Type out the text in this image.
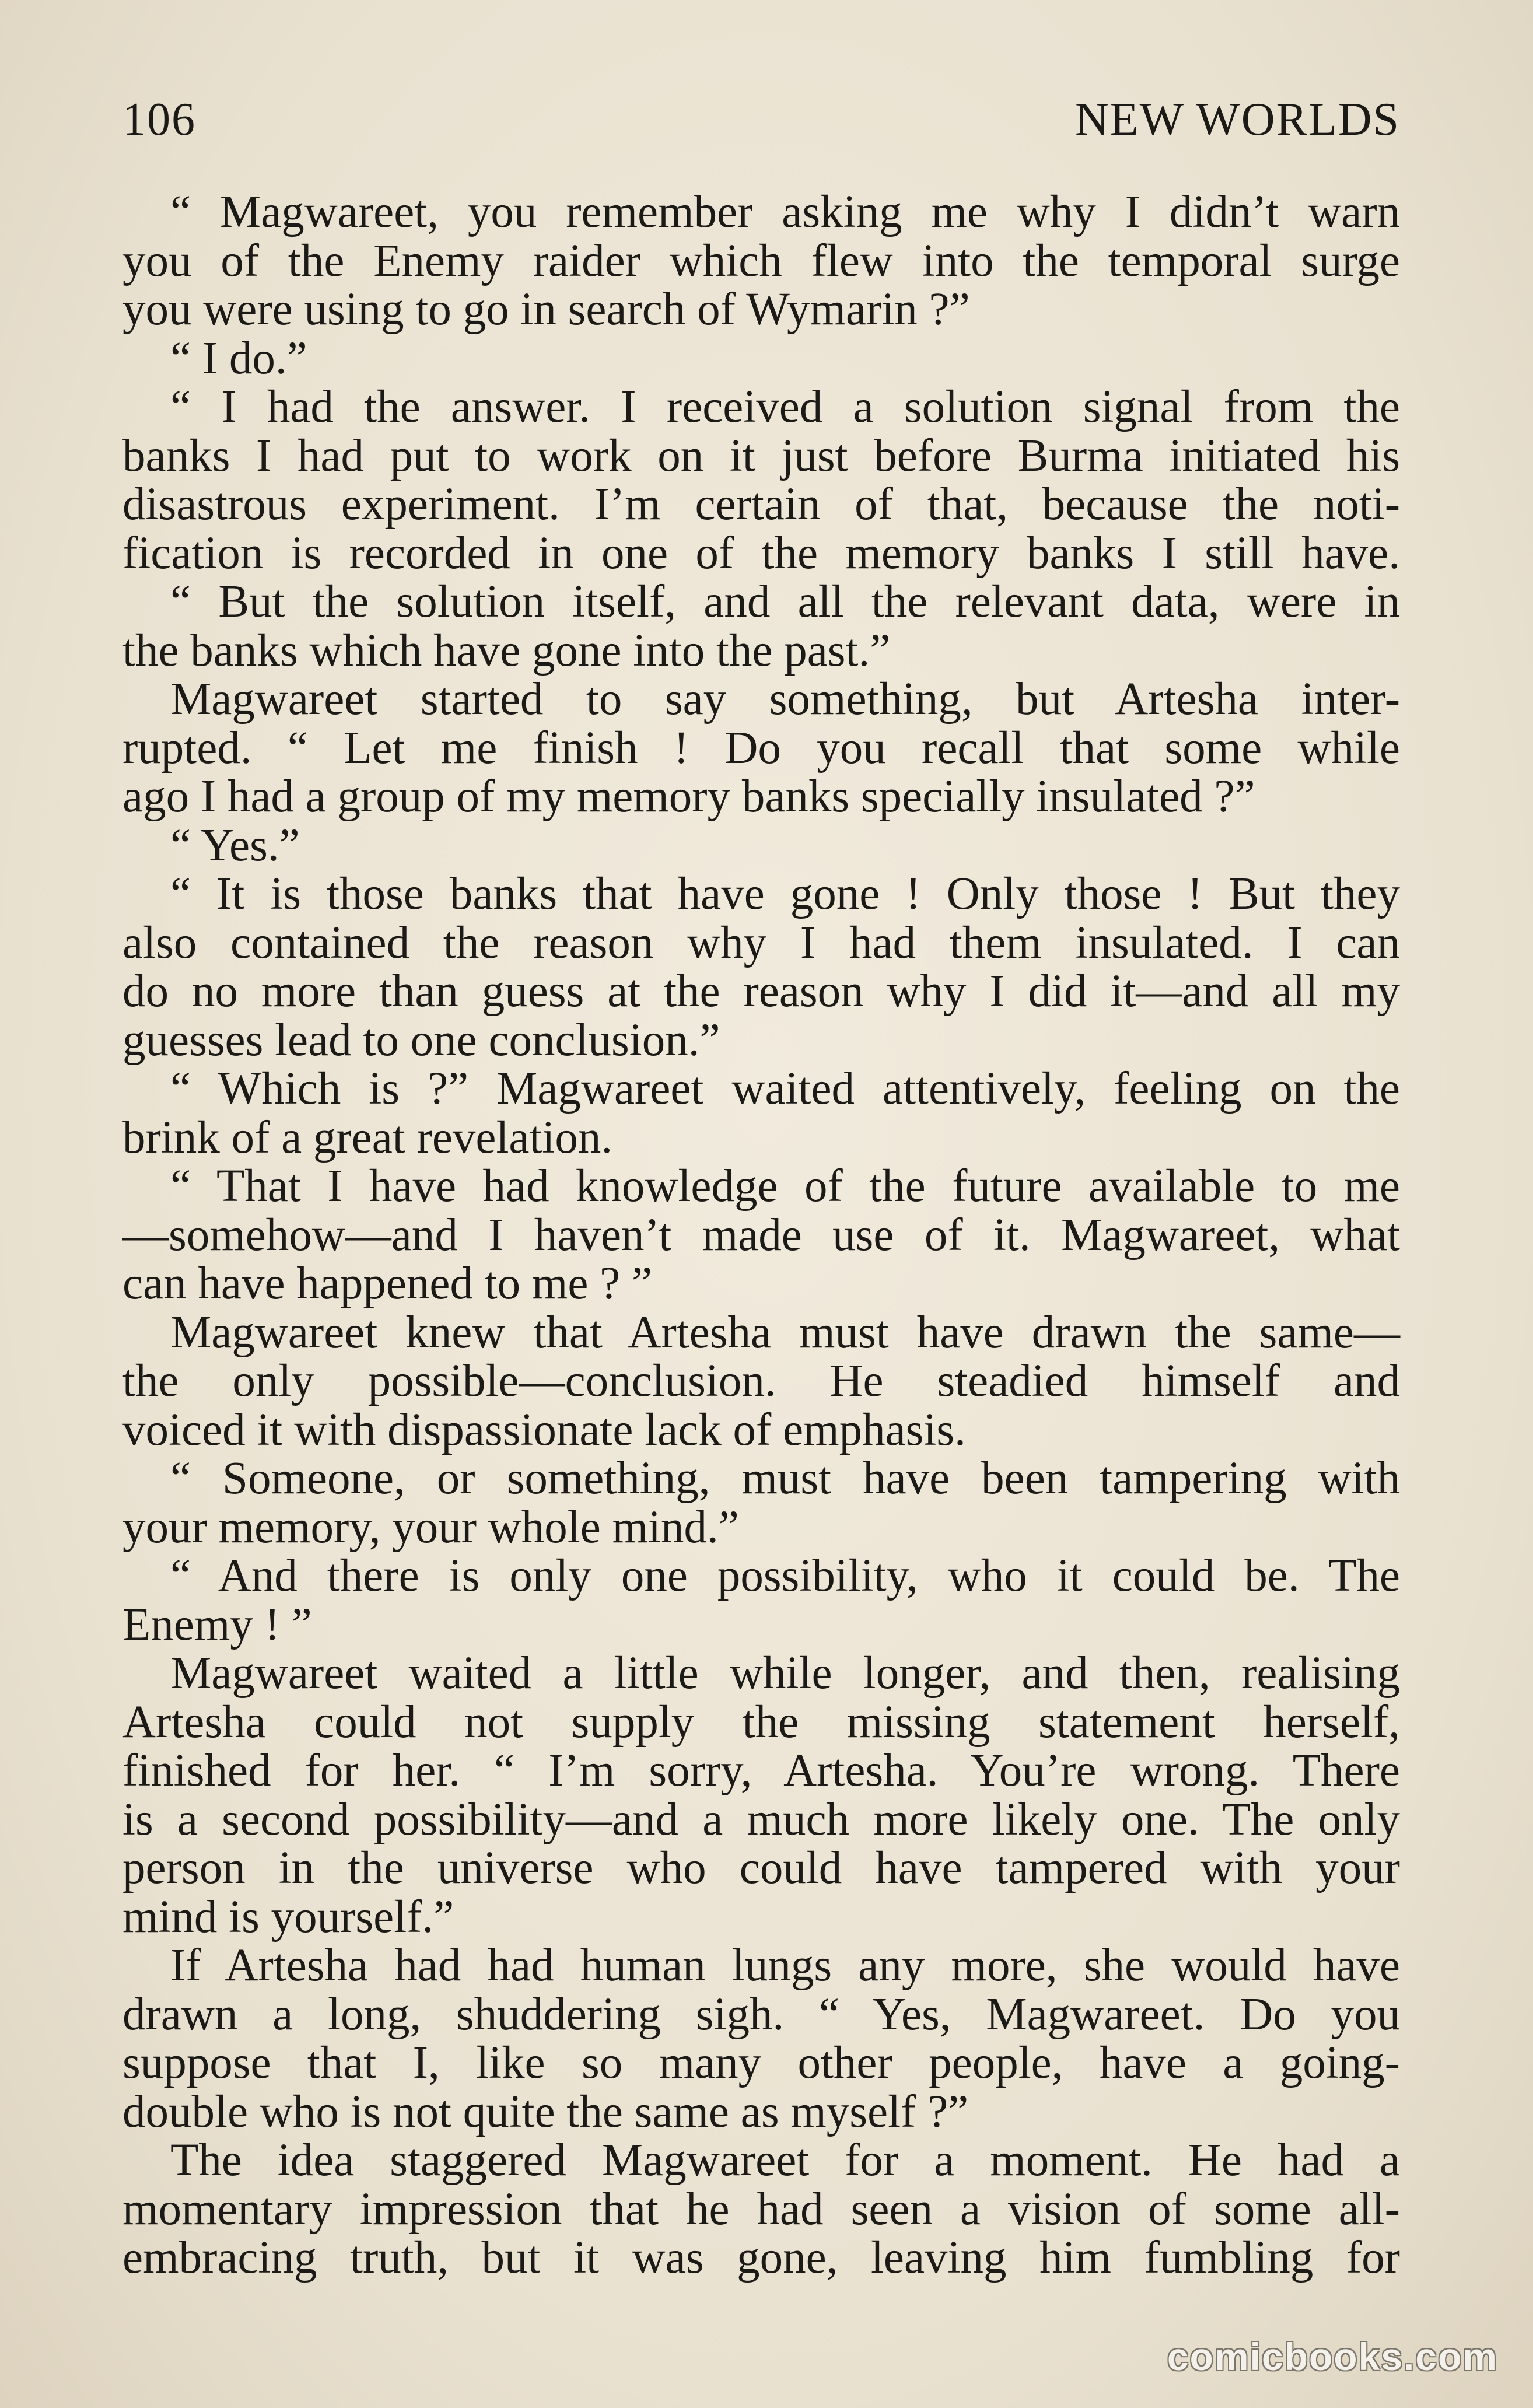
106	NEW WORLDS
“ Magwareet, you remember asking me why I didn’t warn
you of the Enemy raider which flew into the temporal surge
you were using to go in search of Wymarin ?”
“ I do.”
“ I had the answer. I received a solution signal from the
banks I had put to work on it just before Burma initiated his
disastrous experiment. I’m certain of that, because the noti-
fication is recorded in one of the memory banks I still have.
“ But the solution itself, and all the relevant data, were in
the banks which have gone into the past.”
Magwareet started to say something, but Artesha inter-
rupted. “ Let me finish ! Do you recall that some while
ago I had a group of my memory banks specially insulated ?”
“ Yes.”
“ It is those banks that have gone ! Only those ! But they
also contained the reason why I had them insulated. I can
do no more than guess at the reason why I did it—and all my
guesses lead to one conclusion.”
“ Which is ?” Magwareet waited attentively, feeling on the
brink of a great revelation.
“ That I have had knowledge of the future available to me
—somehow—and I haven’t made use of it. Magwareet, what
can have happened to me ? ”
Magwareet knew that Artesha must have drawn the same—
the only possible—conclusion. He steadied himself and
voiced it with dispassionate lack of emphasis.
“ Someone, or something, must have been tampering with
your memory, your whole mind.”
“ And there is only one possibility, who it could be. The
Enemy ! ”
Magwareet waited a little while longer, and then, realising
Artesha could not supply the missing statement herself,
finished for her. “ I’m sorry, Artesha. You’re wrong. There
is a second possibility—and a much more likely one. The only
person in the universe who could have tampered with your
mind is yourself.”
If Artesha had had human lungs any more, she would have
drawn a long, shuddering sigh. “ Yes, Magwareet. Do you
suppose that I, like so many other people, have a going-
double who is not quite the same as myself ?”
The idea staggered Magwareet for a moment. He had a
momentary impression that he had seen a vision of some all-
embracing truth, but it was gone, leaving him fumbling for
comicbooks.com
